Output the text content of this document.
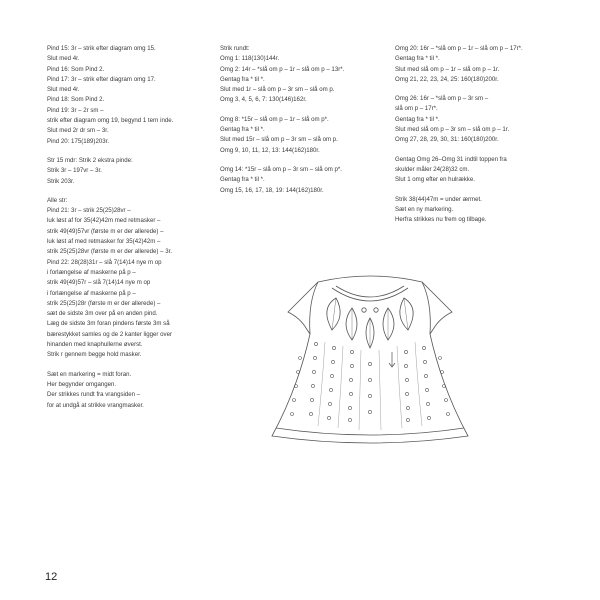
Pind 15: 3r – strik efter diagram omg 15.

Slut med 4r.

Pind 16: Som Pind 2.

Pind 17: 3r – strik efter diagram omg 17.

Slut med 4r.

Pind 18: Som Pind 2.

Pind 19: 3r – 2r sm –

strik efter diagram omg 19, begynd 1 tern inde.

Slut med 2r dr sm – 3r.

Pind 20: 175(189)203r.

Str 15 mdr: Strik 2 ekstra pinde:

Strik 3r – 197vr – 3r.

Strik 203r.

Alle str:

Pind 21: 3r – strik 25(25)28vr –

luk løst af for 35(42)42m med retmasker –

strik 49(49)57vr (første m er der allerede) –

luk løst af med retmasker for 35(42)42m –

strik 25(25)28vr (første m er der allerede) – 3r.

Pind 22: 28(28)31r – slå 7(14)14 nye m op

i forlængelse af maskerne på p –

strik 49(49)57r – slå 7(14)14 nye m op

i forlængelse af maskerne på p –

strik 25(25)28r (første m er der allerede) –

sæt de sidste 3m over på en anden pind.

Læg de sidste 3m foran pindens første 3m så

bærestykket samles og de 2 kanter ligger over

hinanden med knaphullerne øverst.

Strik r gennem begge hold masker.

Sæt en markering = midt foran.

Her begynder omgangen.

Der strikkes rundt fra vrangsiden –

for at undgå at strikke vrangmasker.

Strik rundt:

Omg 1: 118(130)144r.

Omg 2: 14r – *slå om p – 1r – slå om p – 13r*.

Gentag fra * til *.

Slut med 1r – slå om p – 3r sm – slå om p.

Omg 3, 4, 5, 6, 7: 130(146)162r.

Omg 8: *15r – slå om p – 1r – slå om p*.

Gentag fra * til *.

Slut med 15r – slå om p – 3r sm – slå om p.

Omg 9, 10, 11, 12, 13: 144(162)180r.

Omg 14: *15r – slå om p – 3r sm – slå om p*.

Gentag fra * til *.

Omg 15, 16, 17, 18, 19: 144(162)180r.

Omg 20: 16r – *slå om p – 1r – slå om p – 17r*.

Gentag fra * til *.

Slut med slå om p – 1r – slå om p – 1r.

Omg 21, 22, 23, 24, 25: 160(180)200r.

Omg 26: 16r – *slå om p – 3r sm –

slå om p – 17r*.

Gentag fra * til *.

Slut med slå om p – 3r sm – slå om p – 1r.

Omg 27, 28, 29, 30, 31: 160(180)200r.

Gentag Omg 26–Omg 31 indtil toppen fra

skulder måler 24(28)32 cm.

Slut 1 omg efter en hulrække.

Strik 38(44)47m = under ærmet.

Sæt en ny markering.

Herfra strikkes nu frem og tilbage.

12
